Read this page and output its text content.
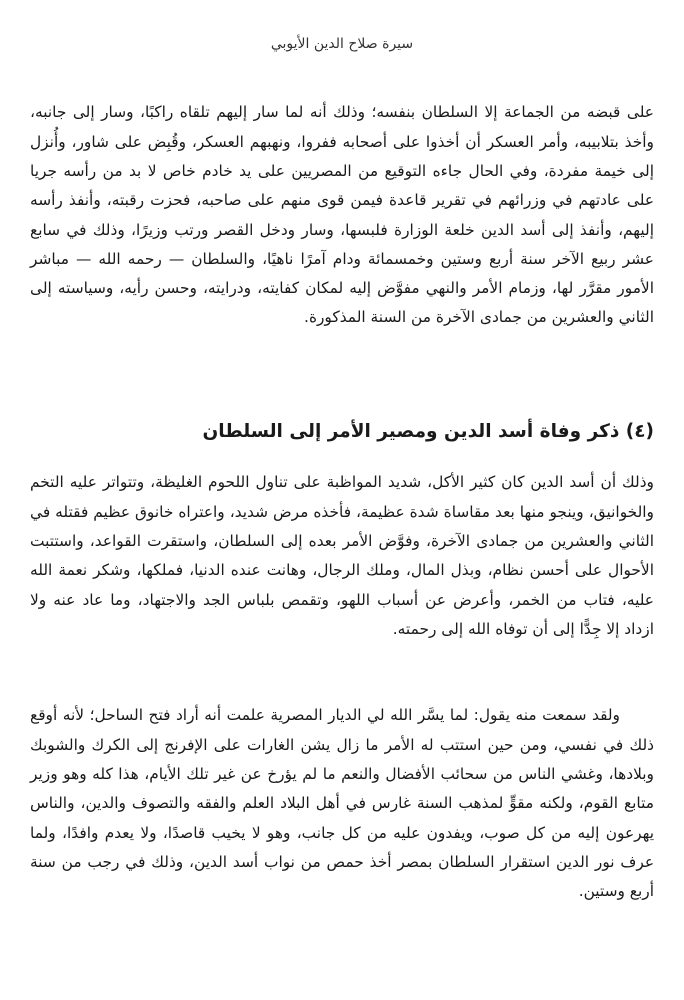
سيرة صلاح الدين الأيوبي

على قبضه من الجماعة إلا السلطان بنفسه؛ وذلك أنه لما سار إليهم تلقاه راكبًا، وسار إلى جانبه، وأخذ بتلابيبه، وأمر العسكر أن أخذوا على أصحابه ففروا، ونهبهم العسكر، وقُبِض على شاور، وأُنزل إلى خيمة مفردة، وفي الحال جاءه التوقيع من المصريين على يد خادم خاص لا بد من رأسه جريا على عادتهم في وزرائهم في تقرير قاعدة فيمن قوى منهم على صاحبه، فحزت رقبته، وأنفذ رأسه إليهم، وأنفذ إلى أسد الدين خلعة الوزارة فلبسها، وسار ودخل القصر ورتب وزيرًا، وذلك في سابع عشر ربيع الآخر سنة أربع وستين وخمسمائة ودام آمرًا ناهيًا، والسلطان — رحمه الله — مباشر الأمور مقرَّر لها، وزمام الأمر والنهي مفوَّض إليه لمكان كفايته، ودرايته، وحسن رأيه، وسياسته إلى الثاني والعشرين من جمادى الآخرة من السنة المذكورة.

(٤) ذكر وفاة أسد الدين ومصير الأمر إلى السلطان

وذلك أن أسد الدين كان كثير الأكل، شديد المواظبة على تناول اللحوم الغليظة، وتتواتر عليه التخم والخوانيق، وينجو منها بعد مقاساة شدة عظيمة، فأخذه مرض شديد، واعتراه خانوق عظيم فقتله في الثاني والعشرين من جمادى الآخرة، وفوَّض الأمر بعده إلى السلطان، واستقرت القواعد، واستتبت الأحوال على أحسن نظام، وبذل المال، وملك الرجال، وهانت عنده الدنيا، فملكها، وشكر نعمة الله عليه، فتاب من الخمر، وأعرض عن أسباب اللهو، وتقمص بلباس الجد والاجتهاد، وما عاد عنه ولا ازداد إلا جِدًّا إلى أن توفاه الله إلى رحمته.

ولقد سمعت منه يقول: لما يسَّر الله لي الديار المصرية علمت أنه أراد فتح الساحل؛ لأنه أوقع ذلك في نفسي، ومن حين استتب له الأمر ما زال يشن الغارات على الإفرنج إلى الكرك والشوبك وبلادها، وغشي الناس من سحائب الأفضال والنعم ما لم يؤرخ عن غير تلك الأيام، هذا كله وهو وزير متابع القوم، ولكنه مقوٍّ لمذهب السنة غارس في أهل البلاد العلم والفقه والتصوف والدين، والناس يهرعون إليه من كل صوب، ويفدون عليه من كل جانب، وهو لا يخيب قاصدًا، ولا يعدم وافدًا، ولما عرف نور الدين استقرار السلطان بمصر أخذ حمص من نواب أسد الدين، وذلك في رجب من سنة أربع وستين.
